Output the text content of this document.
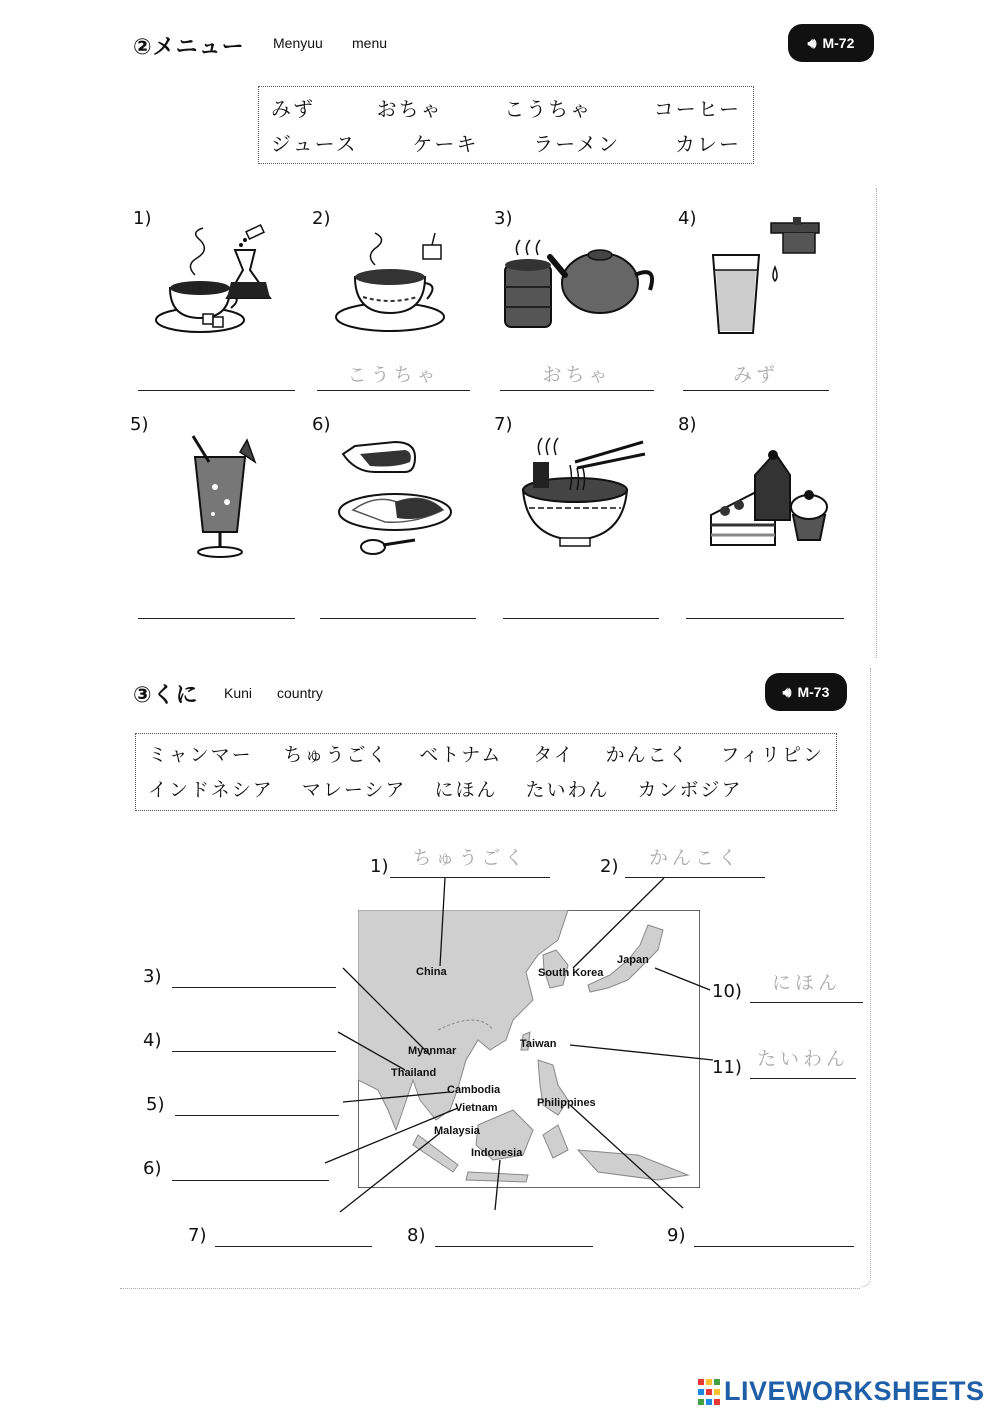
②メニュー Menyuu menu	🔊︎ M-72
みず	おちゃ	こうちゃ	コーヒー
ジュース	ケーキ	ラーメン	カレー
1)	2)	3)	4)
こうちゃ	おちゃ	みず
5)	6)	7)	8)
③くに Kuni country	🔊︎ M-73
ミャンマー ちゅうごく ベトナム タイ かんこく フィリピン
インドネシア マレーシア にほん たいわん カンボジア
China	South Korea
Japan
Myanmar
Taiwan
Thailand
Cambodia
Vietnam	Philippines
Malaysia
Indonesia
1)	ちゅうごく	2)	かんこく
3)
4)
5)
6)
7)	8)	9)
10)	にほん
11) たいわん
LIVEWORKSHEETS
